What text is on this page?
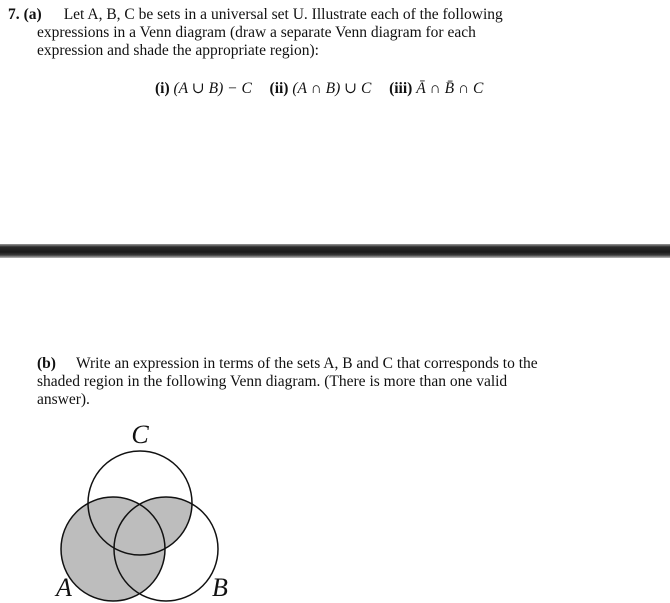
7. (a) Let A, B, C be sets in a universal set U. Illustrate each of the following
expressions in a Venn diagram (draw a separate Venn diagram for each
expression and shade the appropriate region):
(i) (A ∪ B) − C (ii) (A ∩ B) ∪ C (iii) Ā ∩ B̄ ∩ C
(b) Write an expression in terms of the sets A, B and C that corresponds to the
shaded region in the following Venn diagram. (There is more than one valid
answer).
C
A	B
